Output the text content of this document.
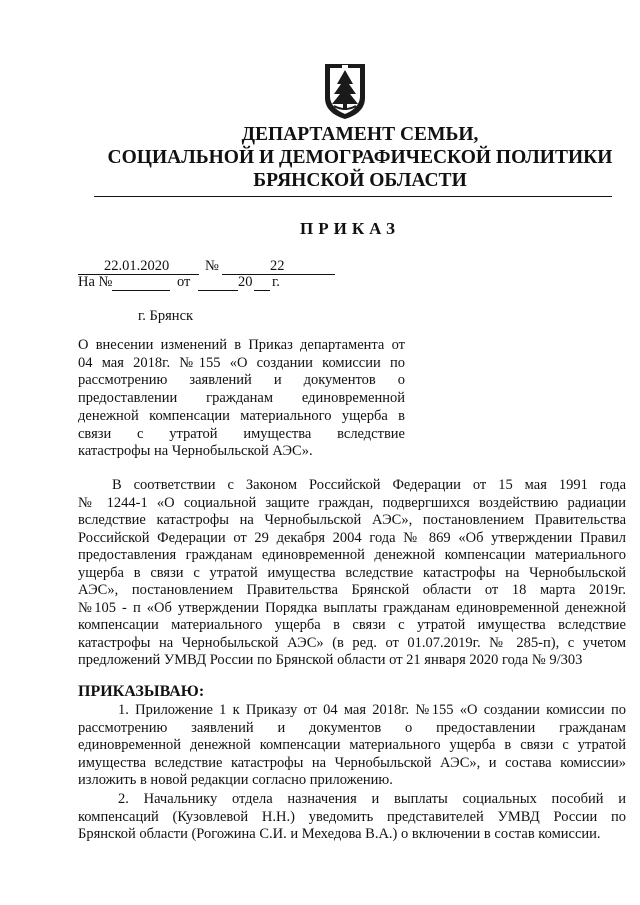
ДЕПАРТАМЕНТ СЕМЬИ,
СОЦИАЛЬНОЙ И ДЕМОГРАФИЧЕСКОЙ ПОЛИТИКИ
БРЯНСКОЙ ОБЛАСТИ
ПРИКАЗ
22.01.2020 №	22
На №	от	20 г.
г. Брянск
О внесении изменений в Приказ департамента от
04 мая 2018г. №155 «О создании комиссии по
рассмотрению заявлений и документов о
предоставлении гражданам единовременной
денежной компенсации материального ущерба в
связи с утратой имущества вследствие
катастрофы на Чернобыльской АЭС».
В соответствии с Законом Российской Федерации от 15 мая 1991 года
№ 1244-1 «О социальной защите граждан, подвергшихся воздействию радиации
вследствие катастрофы на Чернобыльской АЭС», постановлением Правительства
Российской Федерации от 29 декабря 2004 года № 869 «Об утверждении Правил
предоставления гражданам единовременной денежной компенсации материального
ущерба в связи с утратой имущества вследствие катастрофы на Чернобыльской
АЭС», постановлением Правительства Брянской области от 18 марта 2019г.
№105 - п «Об утверждении Порядка выплаты гражданам единовременной денежной
компенсации материального ущерба в связи с утратой имущества вследствие
катастрофы на Чернобыльской АЭС» (в ред. от 01.07.2019г. № 285-п), с учетом
предложений УМВД России по Брянской области от 21 января 2020 года № 9/303
ПРИКАЗЫВАЮ:
1. Приложение 1 к Приказу от 04 мая 2018г. №155 «О создании комиссии по
рассмотрению заявлений и документов о предоставлении гражданам
единовременной денежной компенсации материального ущерба в связи с утратой
имущества вследствие катастрофы на Чернобыльской АЭС», и состава комиссии»
изложить в новой редакции согласно приложению.
2. Начальнику отдела назначения и выплаты социальных пособий и
компенсаций (Кузовлевой Н.Н.) уведомить представителей УМВД России по
Брянской области (Рогожина С.И. и Мехедова В.А.) о включении в состав комиссии.
